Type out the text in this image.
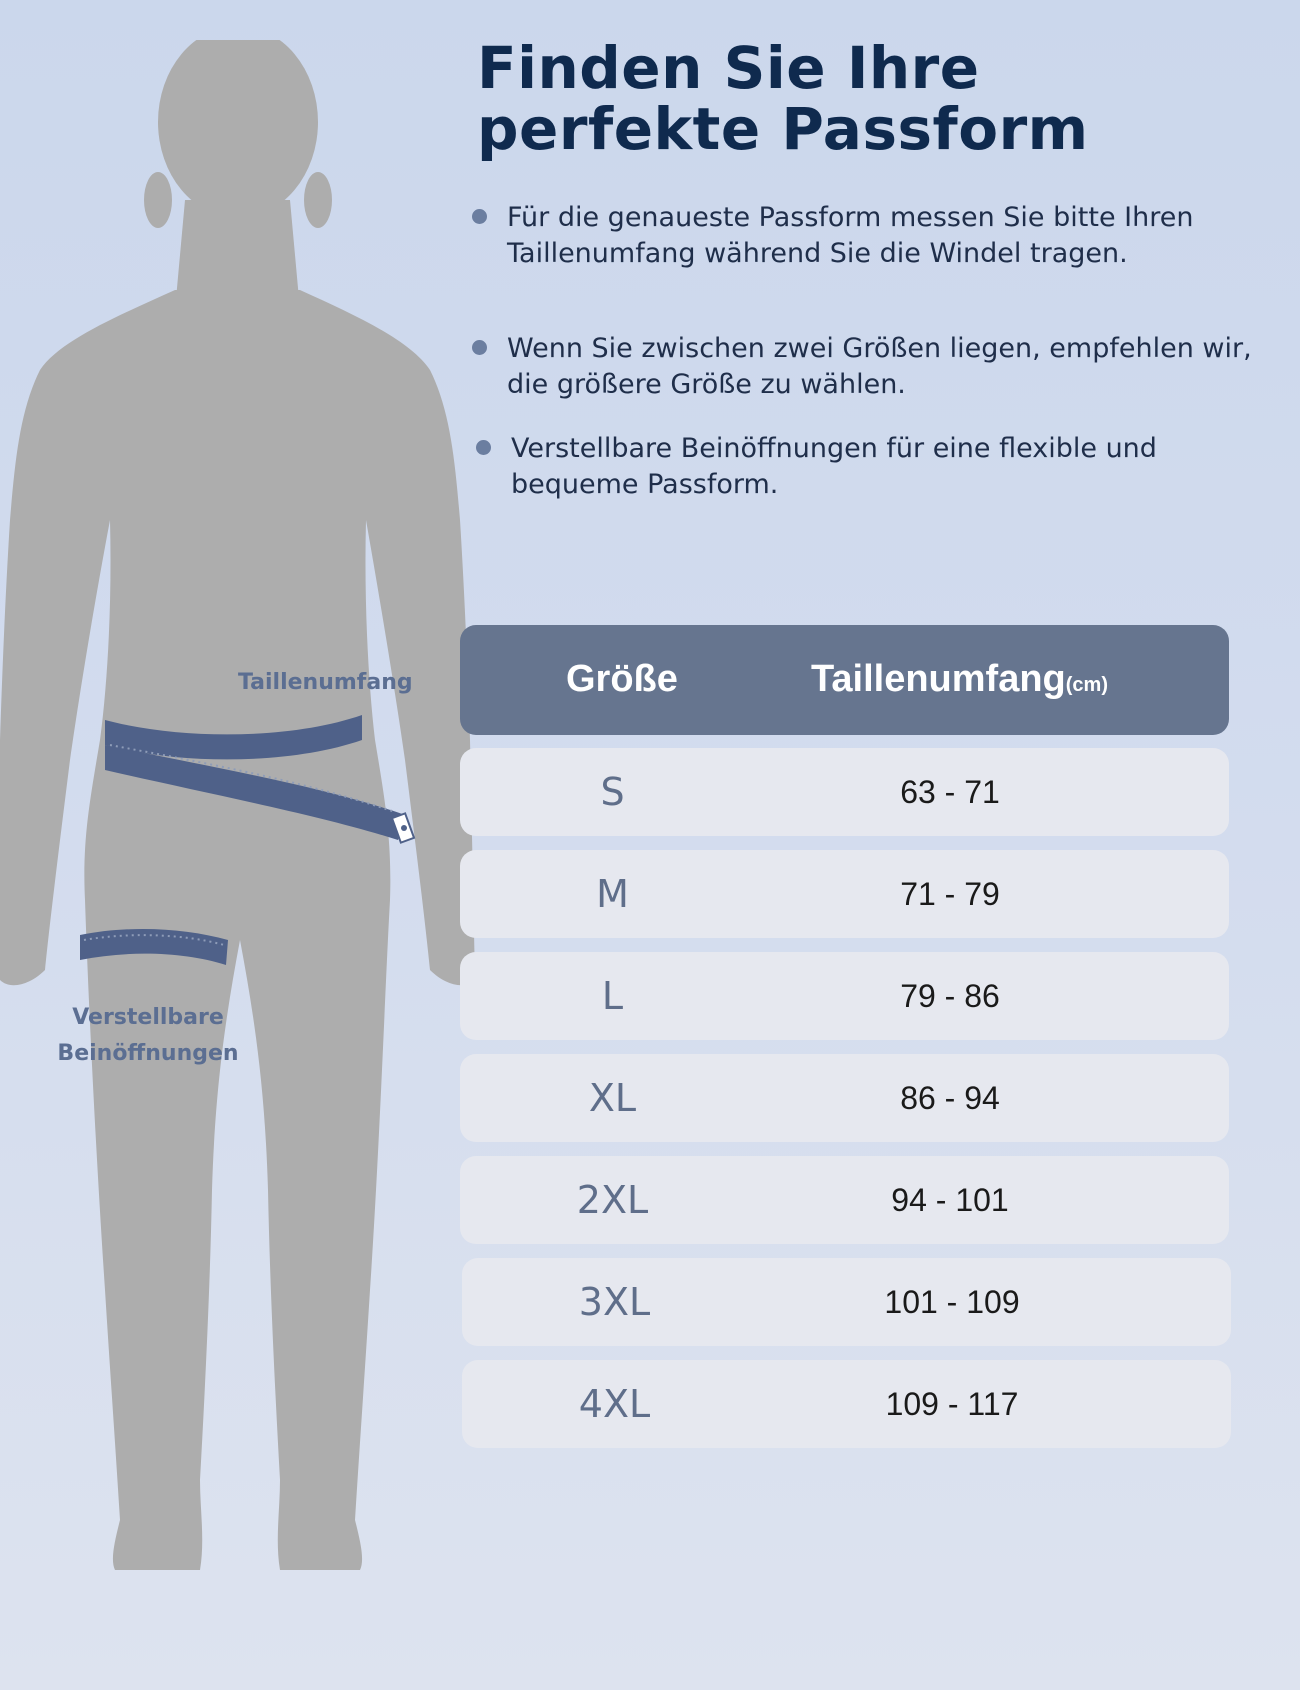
Finden Sie Ihre
perfekte Passform
Für die genaueste Passform messen Sie bitte Ihren Taillenumfang während Sie die Windel tragen.
Wenn Sie zwischen zwei Größen liegen, empfehlen wir, die größere Größe zu wählen.
Verstellbare Beinöffnungen für eine flexible und bequeme Passform.
Taillenumfang
Verstellbare
Beinöffnungen
Größe	Taillenumfang(cm)
S	63 - 71
M	71 - 79
L	79 - 86
XL	86 - 94
2XL	94 - 101
3XL	101 - 109
4XL	109 - 117
